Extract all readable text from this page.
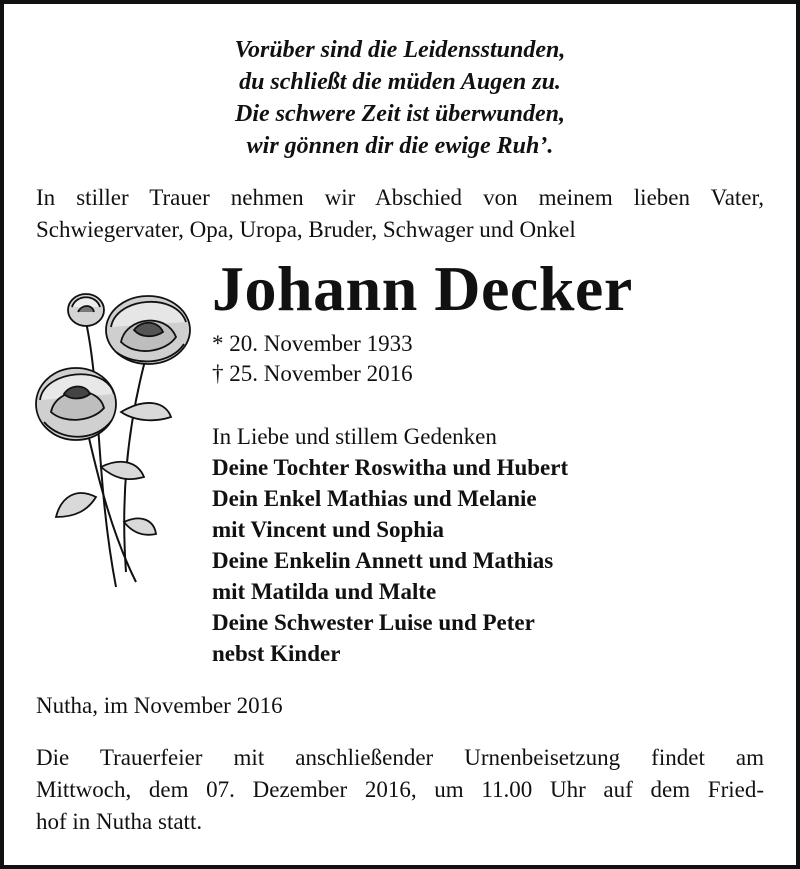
Vorüber sind die Leidensstunden,
du schließt die müden Augen zu.
Die schwere Zeit ist überwunden,
wir gönnen dir die ewige Ruh’.
In stiller Trauer nehmen wir Abschied von meinem lieben Vater,
Schwiegervater, Opa, Uropa, Bruder, Schwager und Onkel
Johann Decker
* 20. November 1933
† 25. November 2016
In Liebe und stillem Gedenken
Deine Tochter Roswitha und Hubert
Dein Enkel Mathias und Melanie
mit Vincent und Sophia
Deine Enkelin Annett und Mathias
mit Matilda und Malte
Deine Schwester Luise und Peter
nebst Kinder
Nutha, im November 2016
Die Trauerfeier mit anschließender Urnenbeisetzung findet am
Mittwoch, dem 07. Dezember 2016, um 11.00 Uhr auf dem Fried-
hof in Nutha statt.
